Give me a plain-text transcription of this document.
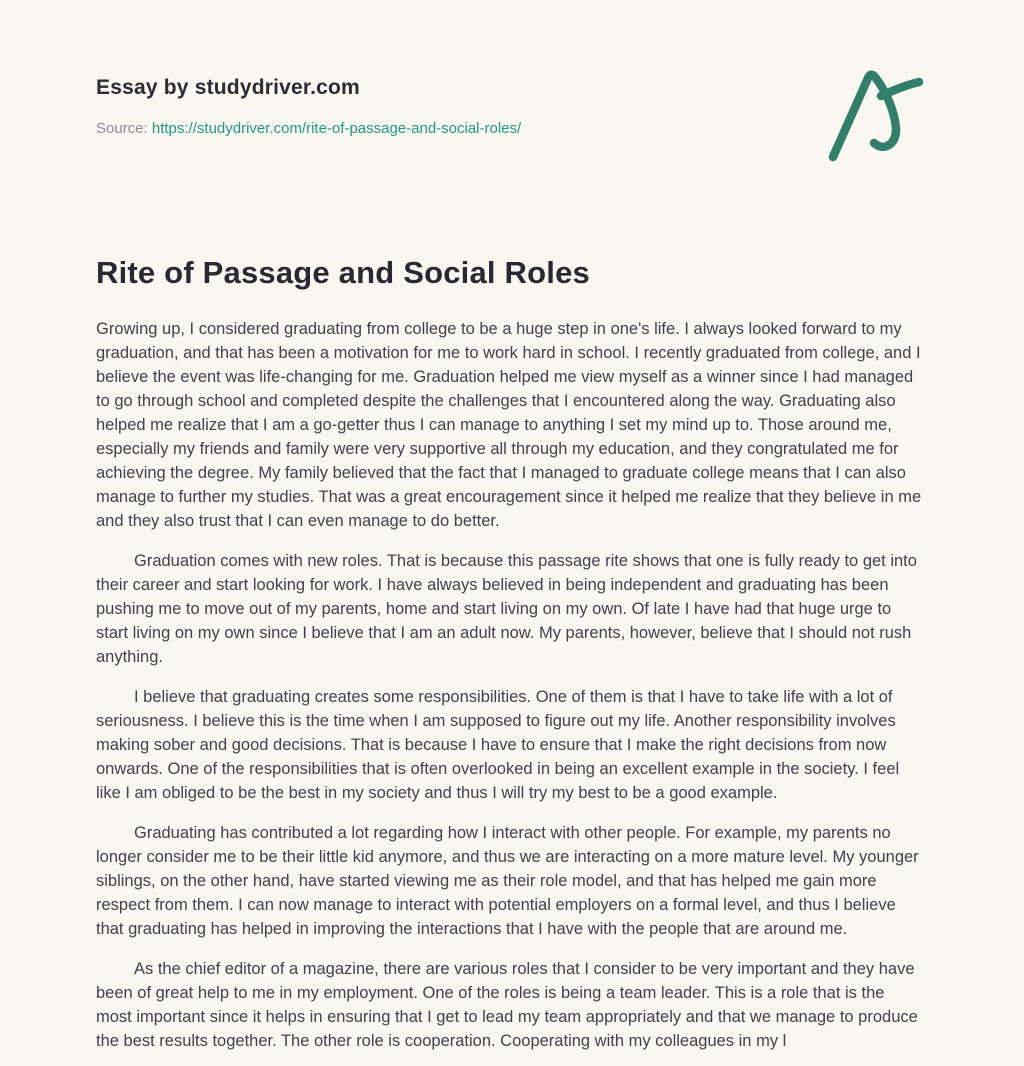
Essay by studydriver.com

Source: https://studydriver.com/rite-of-passage-and-social-roles/

Rite of Passage and Social Roles

Growing up, I considered graduating from college to be a huge step in one's life. I always looked forward to my graduation, and that has been a motivation for me to work hard in school. I recently graduated from college, and I believe the event was life-changing for me. Graduation helped me view myself as a winner since I had managed to go through school and completed despite the challenges that I encountered along the way. Graduating also helped me realize that I am a go-getter thus I can manage to anything I set my mind up to. Those around me, especially my friends and family were very supportive all through my education, and they congratulated me for achieving the degree. My family believed that the fact that I managed to graduate college means that I can also manage to further my studies. That was a great encouragement since it helped me realize that they believe in me and they also trust that I can even manage to do better.

Graduation comes with new roles. That is because this passage rite shows that one is fully ready to get into their career and start looking for work. I have always believed in being independent and graduating has been pushing me to move out of my parents, home and start living on my own. Of late I have had that huge urge to start living on my own since I believe that I am an adult now. My parents, however, believe that I should not rush anything.

I believe that graduating creates some responsibilities. One of them is that I have to take life with a lot of seriousness. I believe this is the time when I am supposed to figure out my life. Another responsibility involves making sober and good decisions. That is because I have to ensure that I make the right decisions from now onwards. One of the responsibilities that is often overlooked in being an excellent example in the society. I feel like I am obliged to be the best in my society and thus I will try my best to be a good example.

Graduating has contributed a lot regarding how I interact with other people. For example, my parents no longer consider me to be their little kid anymore, and thus we are interacting on a more mature level. My younger siblings, on the other hand, have started viewing me as their role model, and that has helped me gain more respect from them. I can now manage to interact with potential employers on a formal level, and thus I believe that graduating has helped in improving the interactions that I have with the people that are around me.

As the chief editor of a magazine, there are various roles that I consider to be very important and they have been of great help to me in my employment. One of the roles is being a team leader. This is a role that is the most important since it helps in ensuring that I get to lead my team appropriately and that we manage to produce the best results together. The other role is cooperation. Cooperating with my colleagues in my l
